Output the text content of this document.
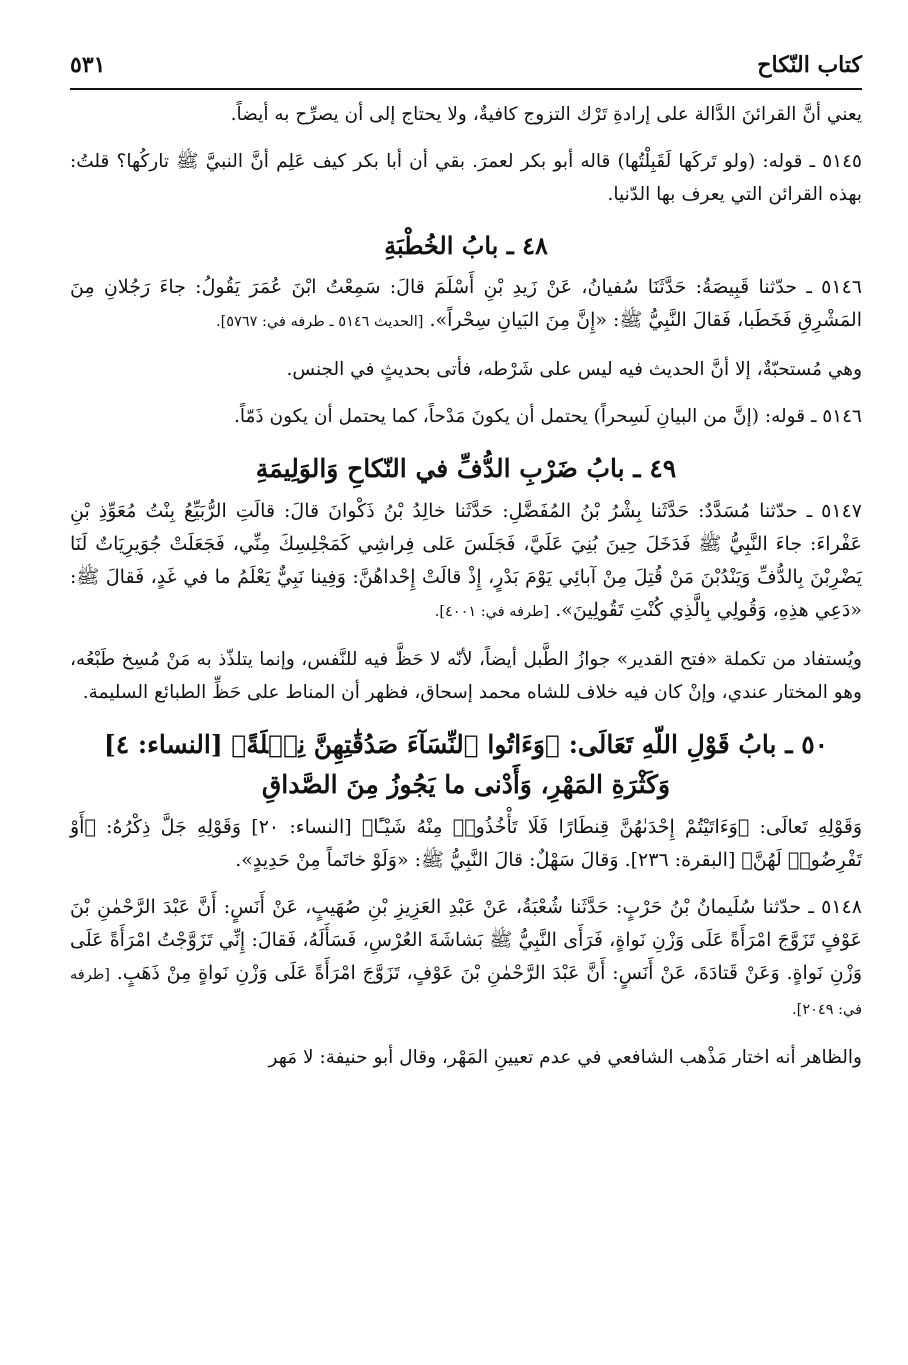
كتاب النّكاح
٥٣١

يعني أنَّ القرائنَ الدَّالة على إرادةِ تَرْك التزوج كافيةٌ، ولا يحتاج إلى أن يصرِّح به أيضاً.

٥١٤٥ ـ قوله: (ولو تَركَها لَقَبِلْتُها) قاله أبو بكر لعمرَ. بقي أن أبا بكر كيف عَلِم أنَّ النبيَّ ﷺ تاركُها؟ قلتُ: بهذه القرائن التي يعرف بها الدّنيا.

٤٨ ـ بابُ الخُطْبَةِ

٥١٤٦ ـ حدّثنا قَبِيصَةُ: حَدَّثَنَا سُفيانُ، عَنْ زَيدِ بْنِ أَسْلَمَ قالَ: سَمِعْتُ ابْنَ عُمَرَ يَقُولُ: جاءَ رَجُلانِ مِنَ المَشْرِقِ فَخَطَبا، فَقالَ النَّبِيُّ ﷺ: «إِنَّ مِنَ البَيانِ سِحْراً». [الحديث ٥١٤٦ ـ طرفه في: ٥٧٦٧].

وهي مُستحبّةٌ، إلا أنَّ الحديث فيه ليس على شَرْطه، فأتى بحديثٍ في الجنس.

٥١٤٦ ـ قوله: (إنَّ من البيانِ لَسِحراً) يحتمل أن يكونَ مَدْحاً، كما يحتمل أن يكون ذَمّاً.

٤٩ ـ بابُ ضَرْبِ الدُّفِّ في النّكاحِ وَالوَلِيمَةِ

٥١٤٧ ـ حدّثنا مُسَدَّدٌ: حَدَّثَنا بِشْرُ بْنُ المُفَضَّلِ: حَدَّثَنا خالِدُ بْنُ ذَكْوانَ قالَ: قالَتِ الرُّبَيِّعُ بِنْتُ مُعَوِّذِ بْنِ عَفْراءَ: جاءَ النَّبِيُّ ﷺ فَدَخَلَ حِينَ بُنِيَ عَلَيَّ، فَجَلَسَ عَلى فِراشِي كَمَجْلِسِكَ مِنِّي، فَجَعَلَتْ جُوَيرِيَاتٌ لَنَا يَضْرِبْنَ بِالدُّفِّ وَيَنْدُبْنَ مَنْ قُتِلَ مِنْ آبائِي يَوْمَ بَدْرٍ، إِذْ قالَتْ إِحْداهُنَّ: وَفِينا نَبِيٌّ يَعْلَمُ ما في غَدٍ، فَقالَ ﷺ: «دَعِي هذِهِ، وَقُولِي بِالَّذِي كُنْتِ تَقُولِينَ». [طرفه في: ٤٠٠١].

ويُستفاد من تكملة «فتح القدير» جوازُ الطَّبل أيضاً، لأنّه لا حَظَّ فيه للنَّفس، وإنما يتلذّذ به مَنْ مُسِخ طَبْعُه، وهو المختار عندي، وإنْ كان فيه خلاف للشاه محمد إسحاق، فظهر أن المناط على حَظِّ الطبائع السليمة.

٥٠ ـ بابُ قَوْلِ اللّهِ تَعَالَى: ﴿وَءَاتُوا ٱلنِّسَآءَ صَدُقَٰتِهِنَّ نِحۡلَةً﴾ [النساء: ٤]
وَكَثْرَةِ المَهْرِ، وَأَدْنى ما يَجُوزُ مِنَ الصَّداقِ

وَقَوْلِهِ تَعالَى: ﴿وَءَاتَيْتُمْ إِحْدَىٰهُنَّ قِنطَارًا فَلَا تَأْخُذُوا۟ مِنْهُ شَيْـًٔا﴾ [النساء: ٢٠] وَقَوْلِهِ جَلَّ ذِكْرُهُ: ﴿أَوْ تَفْرِضُوا۟ لَهُنَّ﴾ [البقرة: ٢٣٦]. وَقالَ سَهْلٌ: قالَ النَّبِيُّ ﷺ: «وَلَوْ خاتَماً مِنْ حَدِيدٍ».

٥١٤٨ ـ حدّثنا سُلَيمانُ بْنُ حَرْبٍ: حَدَّثَنا شُعْبَةُ، عَنْ عَبْدِ العَزِيزِ بْنِ صُهَيبٍ، عَنْ أَنَسٍ: أَنَّ عَبْدَ الرَّحْمٰنِ بْنَ عَوْفٍ تَزَوَّجَ امْرَأَةً عَلَى وَزْنِ نَواةٍ، فَرَأَى النَّبِيُّ ﷺ بَشاشَةَ العُرْسِ، فَسَأَلَهُ، فَقالَ: إِنِّي تَزَوَّجْتُ امْرَأَةً عَلَى وَزْنِ نَواةٍ. وَعَنْ قَتادَةَ، عَنْ أَنَسٍ: أَنَّ عَبْدَ الرَّحْمٰنِ بْنَ عَوْفٍ، تَزَوَّجَ امْرَأَةً عَلَى وَزْنِ نَواةٍ مِنْ ذَهَبٍ. [طرفه في: ٢٠٤٩].

والظاهر أنه اختار مَذْهب الشافعي في عدم تعيينِ المَهْر، وقال أبو حنيفة: لا مَهر
